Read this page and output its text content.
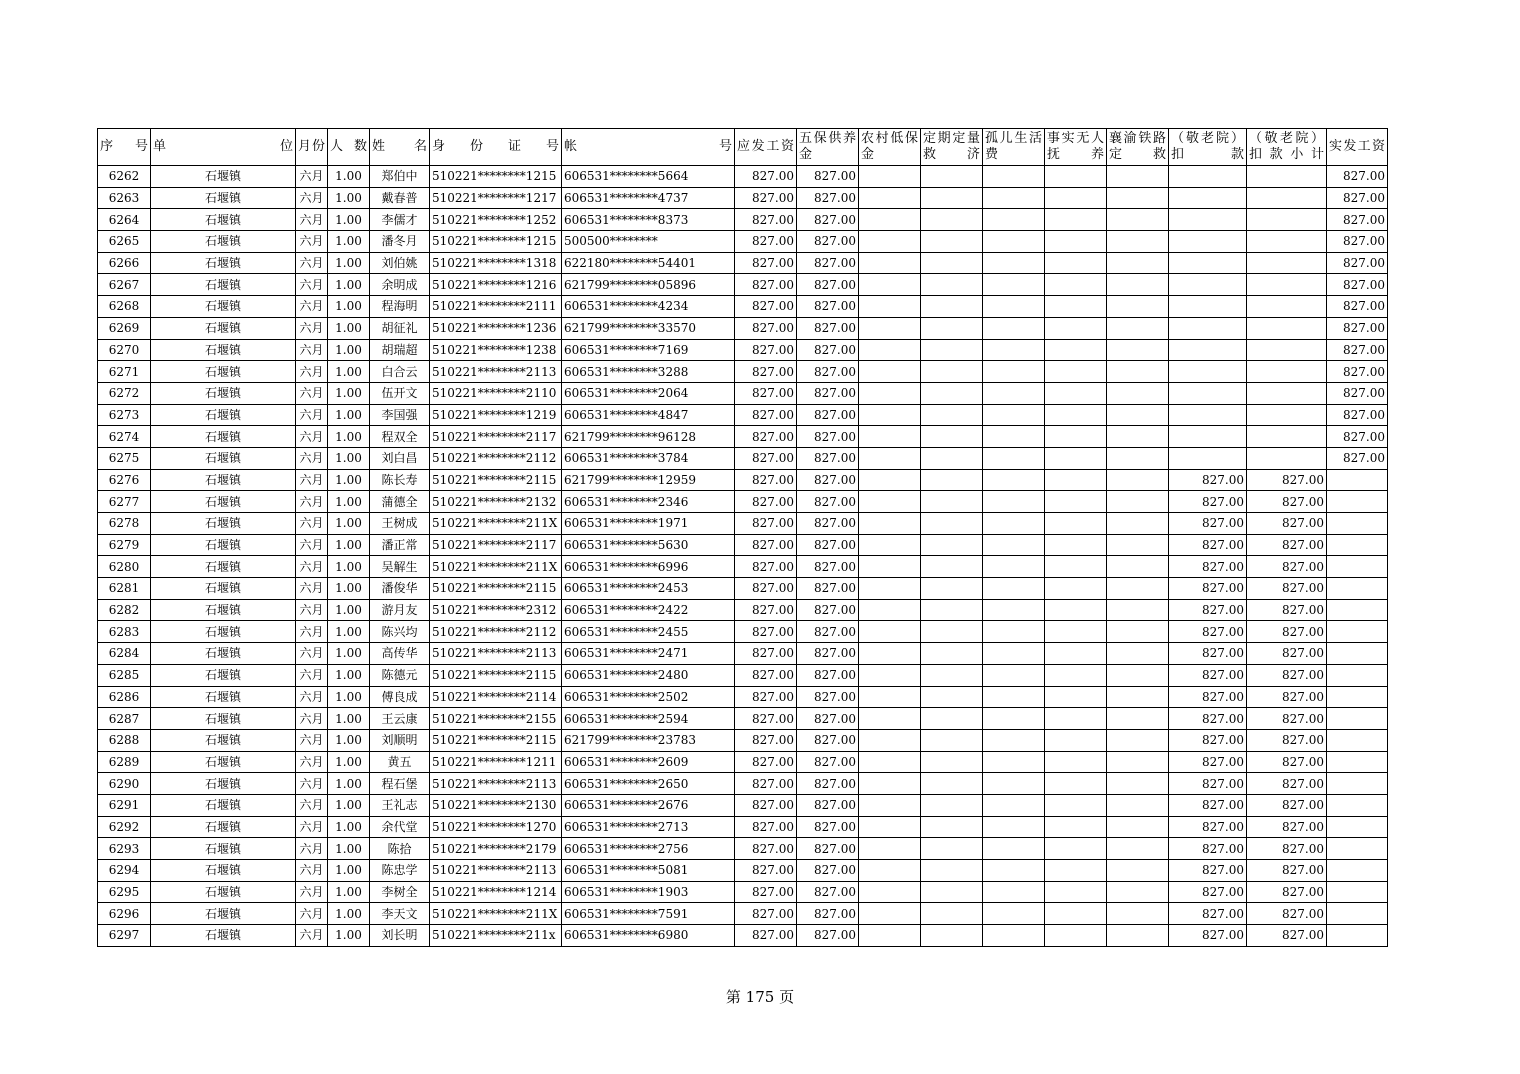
序　号	单　位	月份	人数	姓　名	身　份　证　号	帐　号	应发工资	五保供养金	农村低保金	定期定量救济	孤儿生活费	事实无人抚养	襄渝铁路定救	（敬老院）扣款	（敬老院）扣款小计	实发工资
6262	石堰镇	六月	1.00	郑伯中	510221********1215	606531********5664	827.00	827.00								827.00
6263	石堰镇	六月	1.00	戴春普	510221********1217	606531********4737	827.00	827.00								827.00
6264	石堰镇	六月	1.00	李儒才	510221********1252	606531********8373	827.00	827.00								827.00
6265	石堰镇	六月	1.00	潘冬月	510221********1215	500500********	827.00	827.00								827.00
6266	石堰镇	六月	1.00	刘伯姚	510221********1318	622180********54401	827.00	827.00								827.00
6267	石堰镇	六月	1.00	余明成	510221********1216	621799********05896	827.00	827.00								827.00
6268	石堰镇	六月	1.00	程海明	510221********2111	606531********4234	827.00	827.00								827.00
6269	石堰镇	六月	1.00	胡征礼	510221********1236	621799********33570	827.00	827.00								827.00
6270	石堰镇	六月	1.00	胡瑞超	510221********1238	606531********7169	827.00	827.00								827.00
6271	石堰镇	六月	1.00	白合云	510221********2113	606531********3288	827.00	827.00								827.00
6272	石堰镇	六月	1.00	伍开文	510221********2110	606531********2064	827.00	827.00								827.00
6273	石堰镇	六月	1.00	李国强	510221********1219	606531********4847	827.00	827.00								827.00
6274	石堰镇	六月	1.00	程双全	510221********2117	621799********96128	827.00	827.00								827.00
6275	石堰镇	六月	1.00	刘白昌	510221********2112	606531********3784	827.00	827.00								827.00
6276	石堰镇	六月	1.00	陈长寿	510221********2115	621799********12959	827.00	827.00						827.00	827.00	
6277	石堰镇	六月	1.00	蒲德全	510221********2132	606531********2346	827.00	827.00						827.00	827.00	
6278	石堰镇	六月	1.00	王树成	510221********211X	606531********1971	827.00	827.00						827.00	827.00	
6279	石堰镇	六月	1.00	潘正常	510221********2117	606531********5630	827.00	827.00						827.00	827.00	
6280	石堰镇	六月	1.00	吴解生	510221********211X	606531********6996	827.00	827.00						827.00	827.00	
6281	石堰镇	六月	1.00	潘俊华	510221********2115	606531********2453	827.00	827.00						827.00	827.00	
6282	石堰镇	六月	1.00	游月友	510221********2312	606531********2422	827.00	827.00						827.00	827.00	
6283	石堰镇	六月	1.00	陈兴均	510221********2112	606531********2455	827.00	827.00						827.00	827.00	
6284	石堰镇	六月	1.00	高传华	510221********2113	606531********2471	827.00	827.00						827.00	827.00	
6285	石堰镇	六月	1.00	陈德元	510221********2115	606531********2480	827.00	827.00						827.00	827.00	
6286	石堰镇	六月	1.00	傅良成	510221********2114	606531********2502	827.00	827.00						827.00	827.00	
6287	石堰镇	六月	1.00	王云康	510221********2155	606531********2594	827.00	827.00						827.00	827.00	
6288	石堰镇	六月	1.00	刘顺明	510221********2115	621799********23783	827.00	827.00						827.00	827.00	
6289	石堰镇	六月	1.00	黄五	510221********1211	606531********2609	827.00	827.00						827.00	827.00	
6290	石堰镇	六月	1.00	程石堡	510221********2113	606531********2650	827.00	827.00						827.00	827.00	
6291	石堰镇	六月	1.00	王礼志	510221********2130	606531********2676	827.00	827.00						827.00	827.00	
6292	石堰镇	六月	1.00	余代堂	510221********1270	606531********2713	827.00	827.00						827.00	827.00	
6293	石堰镇	六月	1.00	陈拾	510221********2179	606531********2756	827.00	827.00						827.00	827.00	
6294	石堰镇	六月	1.00	陈忠学	510221********2113	606531********5081	827.00	827.00						827.00	827.00	
6295	石堰镇	六月	1.00	李树全	510221********1214	606531********1903	827.00	827.00						827.00	827.00	
6296	石堰镇	六月	1.00	李天文	510221********211X	606531********7591	827.00	827.00						827.00	827.00	
6297	石堰镇	六月	1.00	刘长明	510221********211x	606531********6980	827.00	827.00						827.00	827.00	
第 175 页
